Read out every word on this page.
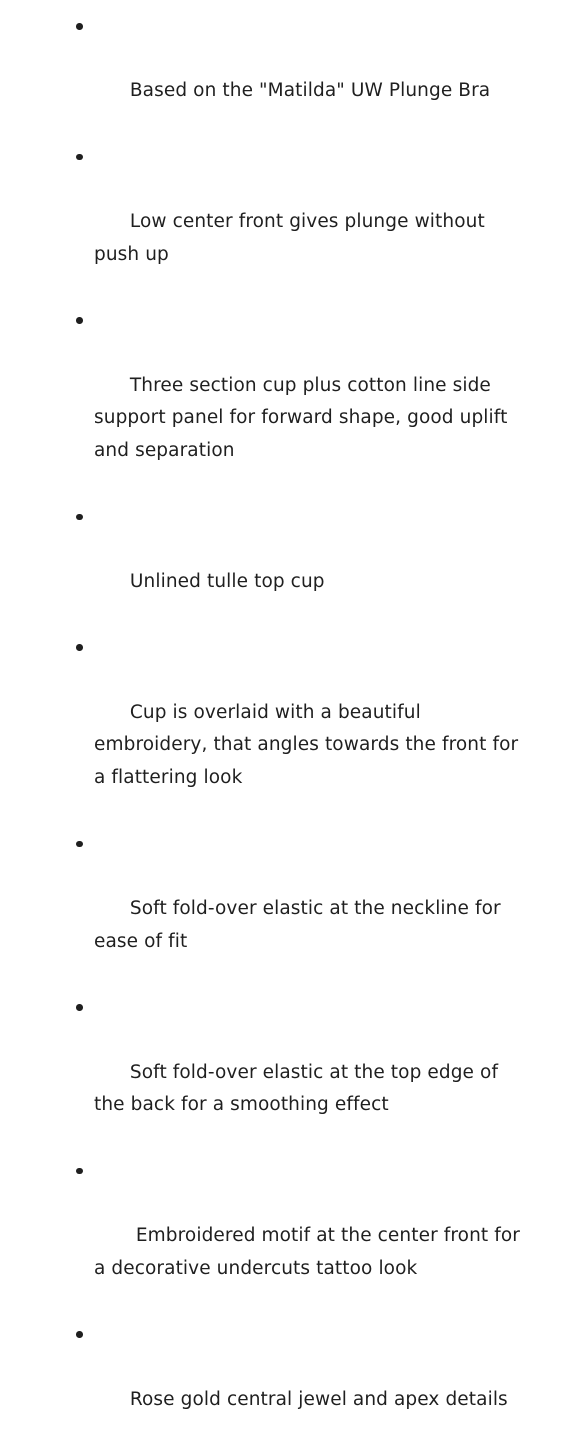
Based on the "Matilda" UW Plunge Bra

Low center front gives plunge without push up

Three section cup plus cotton line side support panel for forward shape, good uplift and separation

Unlined tulle top cup

Cup is overlaid with a beautiful embroidery, that angles towards the front for a flattering look

Soft fold-over elastic at the neckline for ease of fit

Soft fold-over elastic at the top edge of the back for a smoothing effect

Embroidered motif at the center front for a decorative undercuts tattoo look

Rose gold central jewel and apex details
